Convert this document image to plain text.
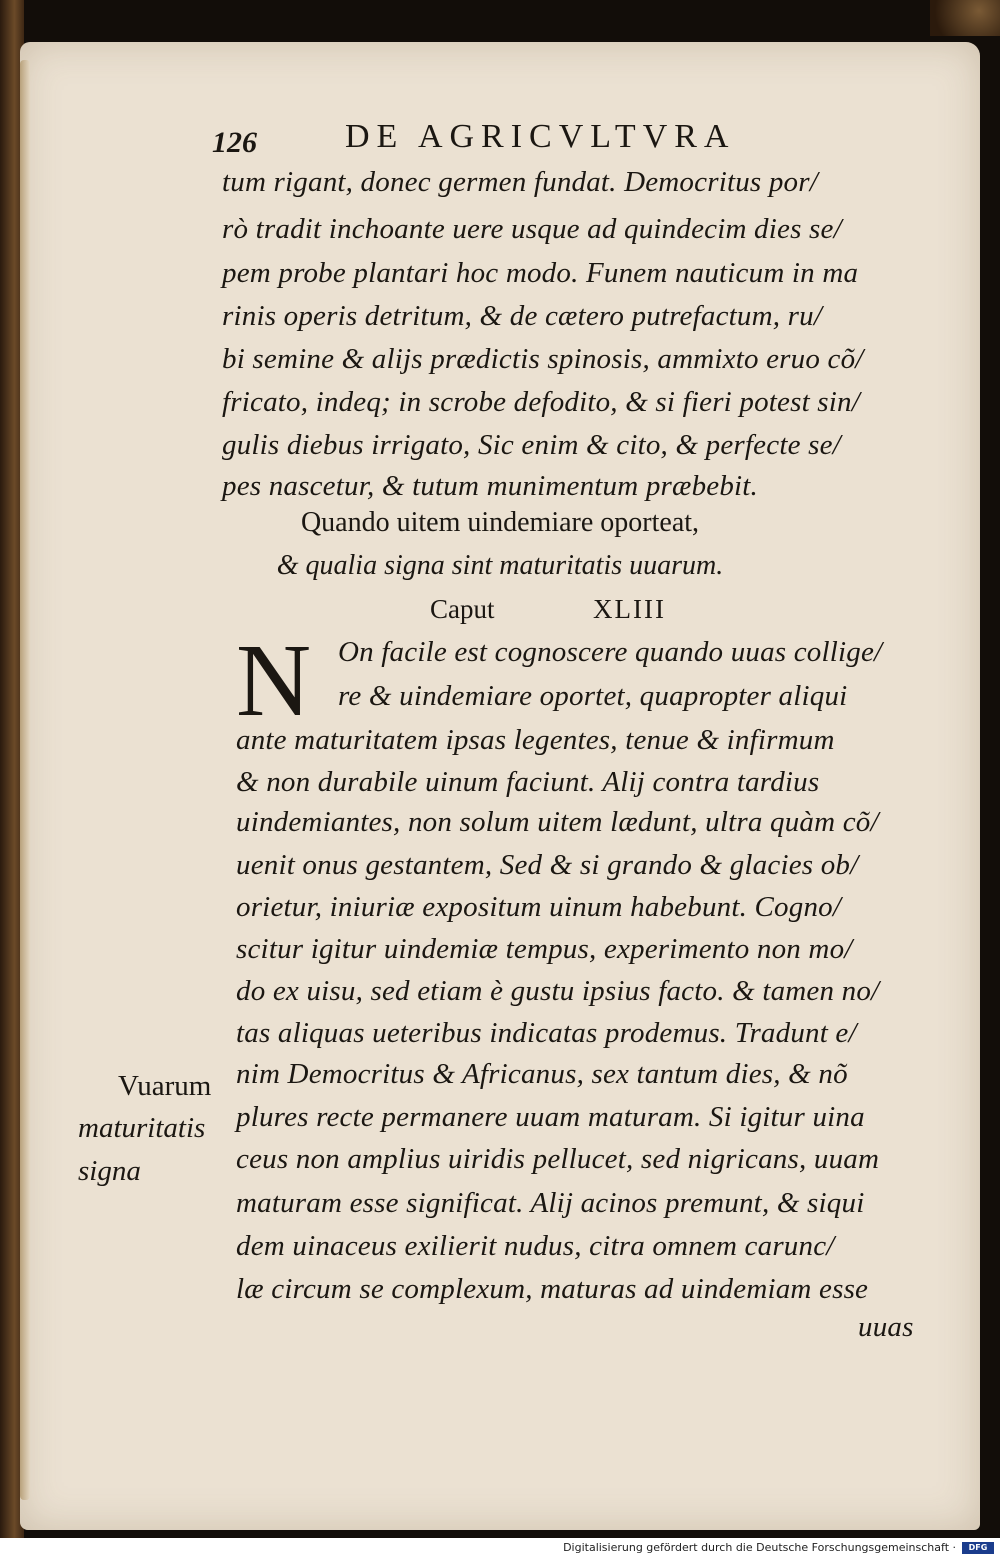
126	DE AGRICVLTVRA
tum rigant, donec germen fundat. Democritus por/
rò tradit inchoante uere usque ad quindecim dies se/
pem probe plantari hoc modo. Funem nauticum in ma
rinis operis detritum, & de cætero putrefactum, ru/
bi semine & alijs prædictis spinosis, ammixto eruo cõ/
fricato, indeq; in scrobe defodito, & si fieri potest sin/
gulis diebus irrigato, Sic enim & cito, & perfecte se/
pes nascetur, & tutum munimentum præbebit.
Quando uitem uindemiare oporteat,
& qualia signa sint maturitatis uuarum.
Caput	XLIII
N On facile est cognoscere quando uuas collige/
re & uindemiare oportet, quapropter aliqui
ante maturitatem ipsas legentes, tenue & infirmum
& non durabile uinum faciunt. Alij contra tardius
uindemiantes, non solum uitem lædunt, ultra quàm cõ/
uenit onus gestantem, Sed & si grando & glacies ob/
orietur, iniuriæ expositum uinum habebunt. Cogno/
scitur igitur uindemiæ tempus, experimento non mo/
do ex uisu, sed etiam è gustu ipsius facto. & tamen no/
tas aliquas ueteribus indicatas prodemus. Tradunt e/
nim Democritus & Africanus, sex tantum dies, & nõ
plures recte permanere uuam maturam. Si igitur uina
ceus non amplius uiridis pellucet, sed nigricans, uuam
maturam esse significat. Alij acinos premunt, & siqui
dem uinaceus exilierit nudus, citra omnem carunc/
læ circum se complexum, maturas ad uindemiam esse
uuas
Vuarum
maturitatis
signa
Digitalisierung gefördert durch die Deutsche Forschungsgemeinschaft ·	DFG
